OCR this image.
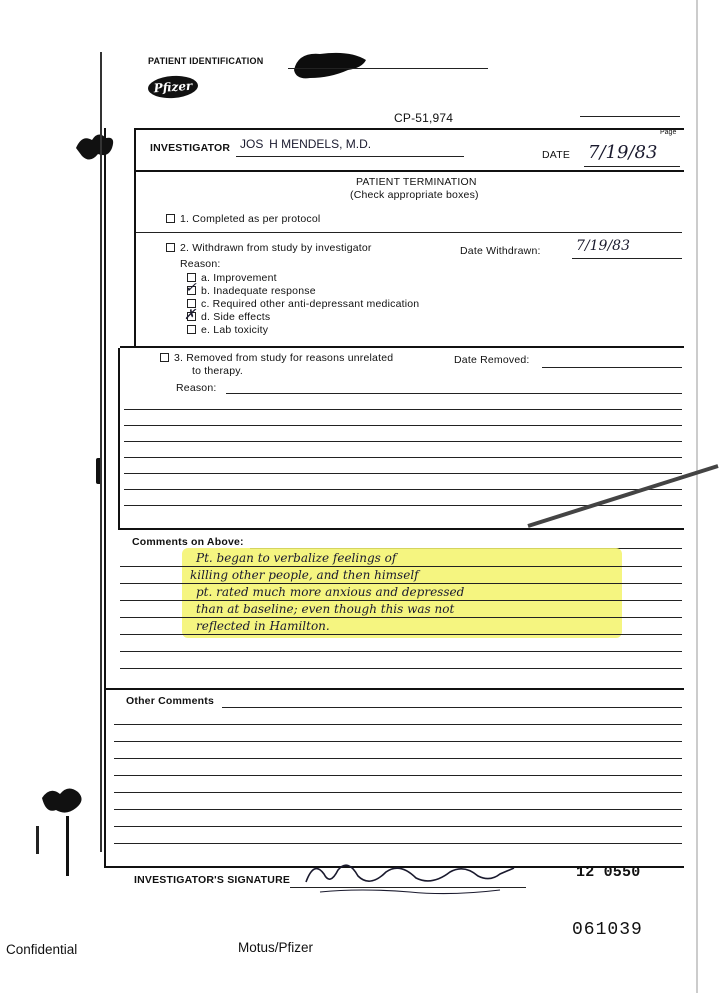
PATIENT IDENTIFICATION
Pfizer
CP-51,974
Page
INVESTIGATOR JOS  H MENDELS, M.D.
DATE 7/19/83
PATIENT TERMINATION
(Check appropriate boxes)
1. Completed as per protocol
2. Withdrawn from study by investigator	Date Withdrawn:	7/19/83
Reason:
a. Improvement
✓ b. Inadequate response
c. Required other anti-depressant medication
✗ d. Side effects
e. Lab toxicity
3. Removed from study for reasons unrelated
to therapy.
Date Removed:
Reason:
Comments on Above:
Pt. began to verbalize feelings of
killing other people, and then himself
pt. rated much more anxious and depressed
than at baseline; even though this was not
reflected in Hamilton.
Other Comments
INVESTIGATOR'S SIGNATURE	12 0550
Confidential	Motus/Pfizer
061039
